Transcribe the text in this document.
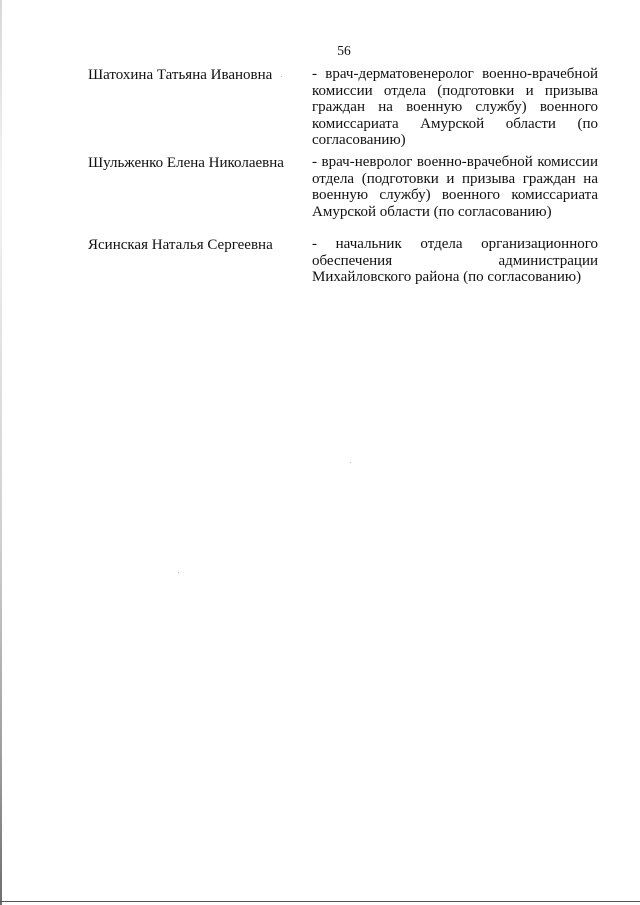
56
Шатохина Татьяна Ивановна	- врач-дерматовенеролог военно-врачебной комиссии отдела (подготовки и призыва граждан на военную службу) военного комиссариата Амурской области (по согласованию)
Шульженко Елена Николаевна - врач-невролог военно-врачебной комиссии отдела (подготовки и призыва граждан на военную службу) военного комиссариата Амурской области (по согласованию)
Ясинская Наталья Сергеевна	- начальник отдела организационного обеспечения администрации Михайловского района (по согласованию)
